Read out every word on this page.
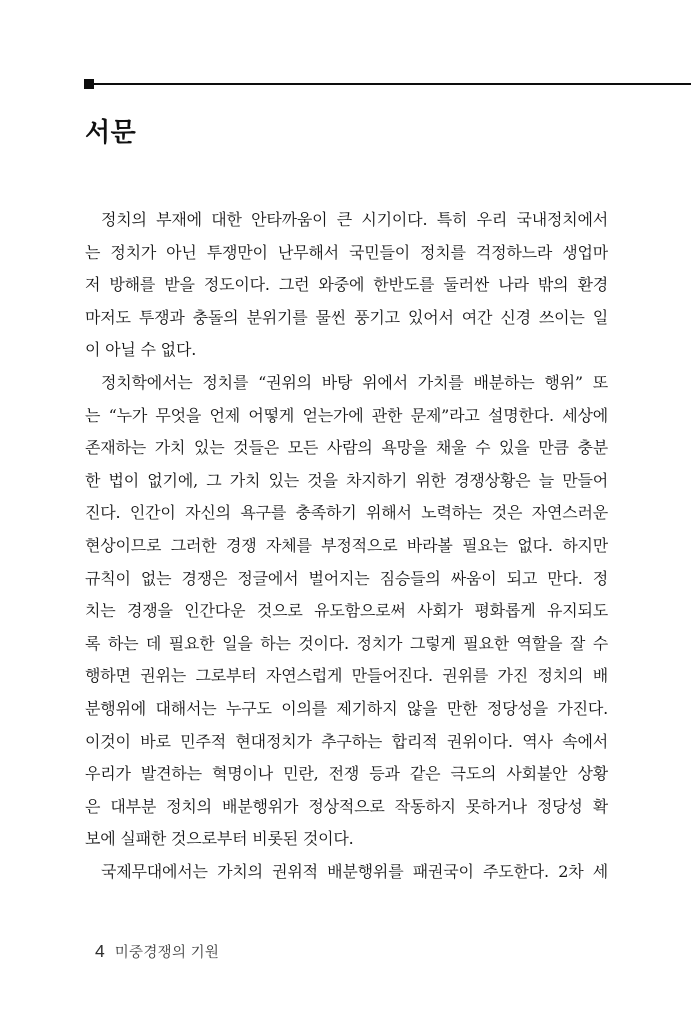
서문

정치의 부재에 대한 안타까움이 큰 시기이다. 특히 우리 국내정치에서

는 정치가 아닌 투쟁만이 난무해서 국민들이 정치를 걱정하느라 생업마

저 방해를 받을 정도이다. 그런 와중에 한반도를 둘러싼 나라 밖의 환경

마저도 투쟁과 충돌의 분위기를 물씬 풍기고 있어서 여간 신경 쓰이는 일

이 아닐 수 없다.

정치학에서는 정치를 “권위의 바탕 위에서 가치를 배분하는 행위” 또

는 “누가 무엇을 언제 어떻게 얻는가에 관한 문제”라고 설명한다. 세상에

존재하는 가치 있는 것들은 모든 사람의 욕망을 채울 수 있을 만큼 충분

한 법이 없기에, 그 가치 있는 것을 차지하기 위한 경쟁상황은 늘 만들어

진다. 인간이 자신의 욕구를 충족하기 위해서 노력하는 것은 자연스러운

현상이므로 그러한 경쟁 자체를 부정적으로 바라볼 필요는 없다. 하지만

규칙이 없는 경쟁은 정글에서 벌어지는 짐승들의 싸움이 되고 만다. 정

치는 경쟁을 인간다운 것으로 유도함으로써 사회가 평화롭게 유지되도

록 하는 데 필요한 일을 하는 것이다. 정치가 그렇게 필요한 역할을 잘 수

행하면 권위는 그로부터 자연스럽게 만들어진다. 권위를 가진 정치의 배

분행위에 대해서는 누구도 이의를 제기하지 않을 만한 정당성을 가진다.

이것이 바로 민주적 현대정치가 추구하는 합리적 권위이다. 역사 속에서

우리가 발견하는 혁명이나 민란, 전쟁 등과 같은 극도의 사회불안 상황

은 대부분 정치의 배분행위가 정상적으로 작동하지 못하거나 정당성 확

보에 실패한 것으로부터 비롯된 것이다.

국제무대에서는 가치의 권위적 배분행위를 패권국이 주도한다. 2차 세

4 미중경쟁의 기원
